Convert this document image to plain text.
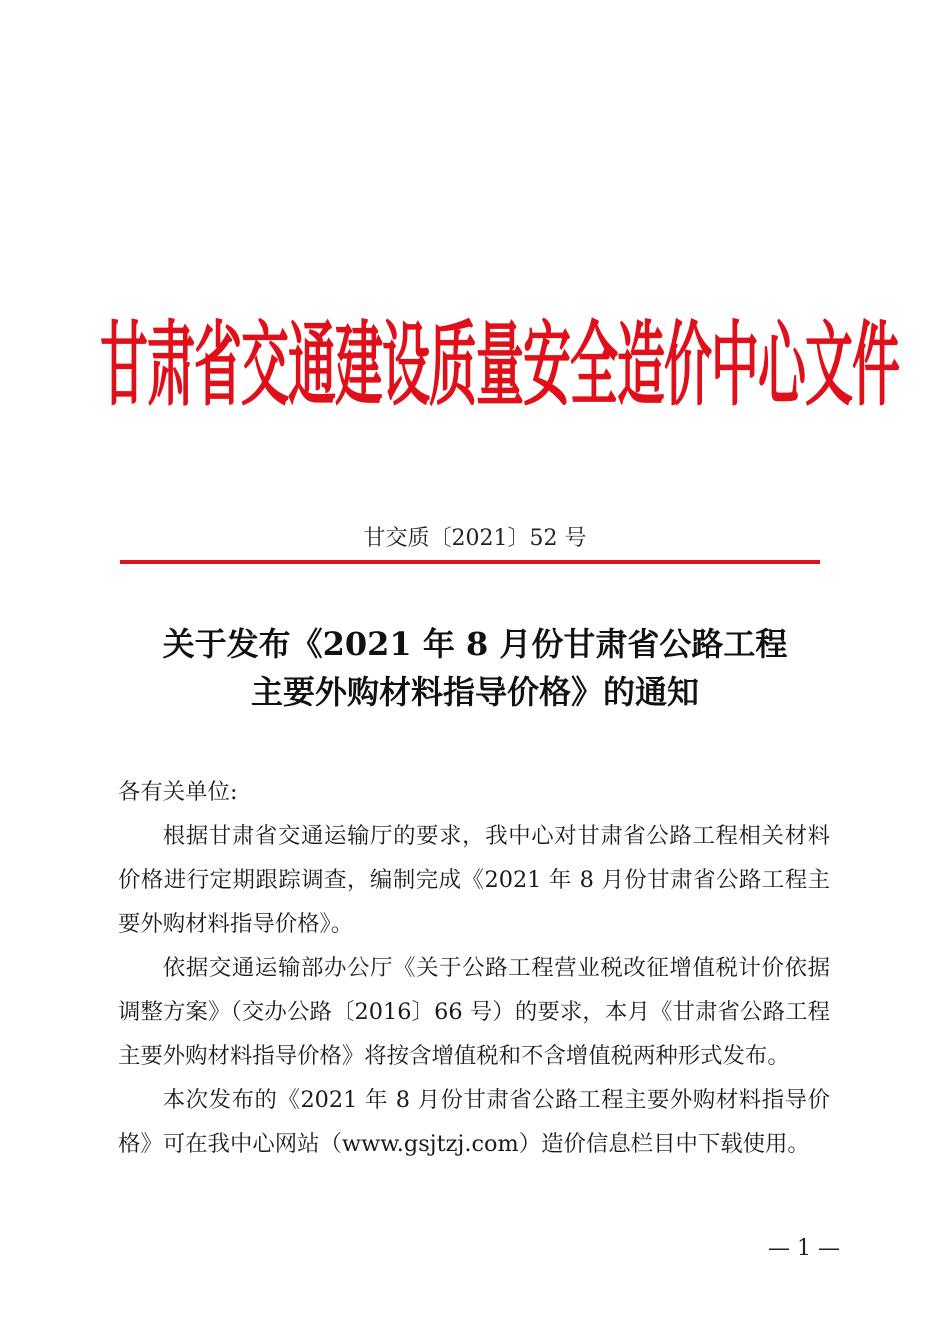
甘肃省交通建设质量安全造价中心文件
甘交质〔2021〕52 号
关于发布《2021 年 8 月份甘肃省公路工程
主要外购材料指导价格》的通知

各有关单位:

根据甘肃省交通运输厅的要求，我中心对甘肃省公路工程相关材料价格进行定期跟踪调查，编制完成《2021 年 8 月份甘肃省公路工程主要外购材料指导价格》。

依据交通运输部办公厅《关于公路工程营业税改征增值税计价依据调整方案》（交办公路〔2016〕66 号）的要求，本月《甘肃省公路工程主要外购材料指导价格》将按含增值税和不含增值税两种形式发布。

本次发布的《2021 年 8 月份甘肃省公路工程主要外购材料指导价格》可在我中心网站（www.gsjtzj.com）造价信息栏目中下载使用。

— 1 —
